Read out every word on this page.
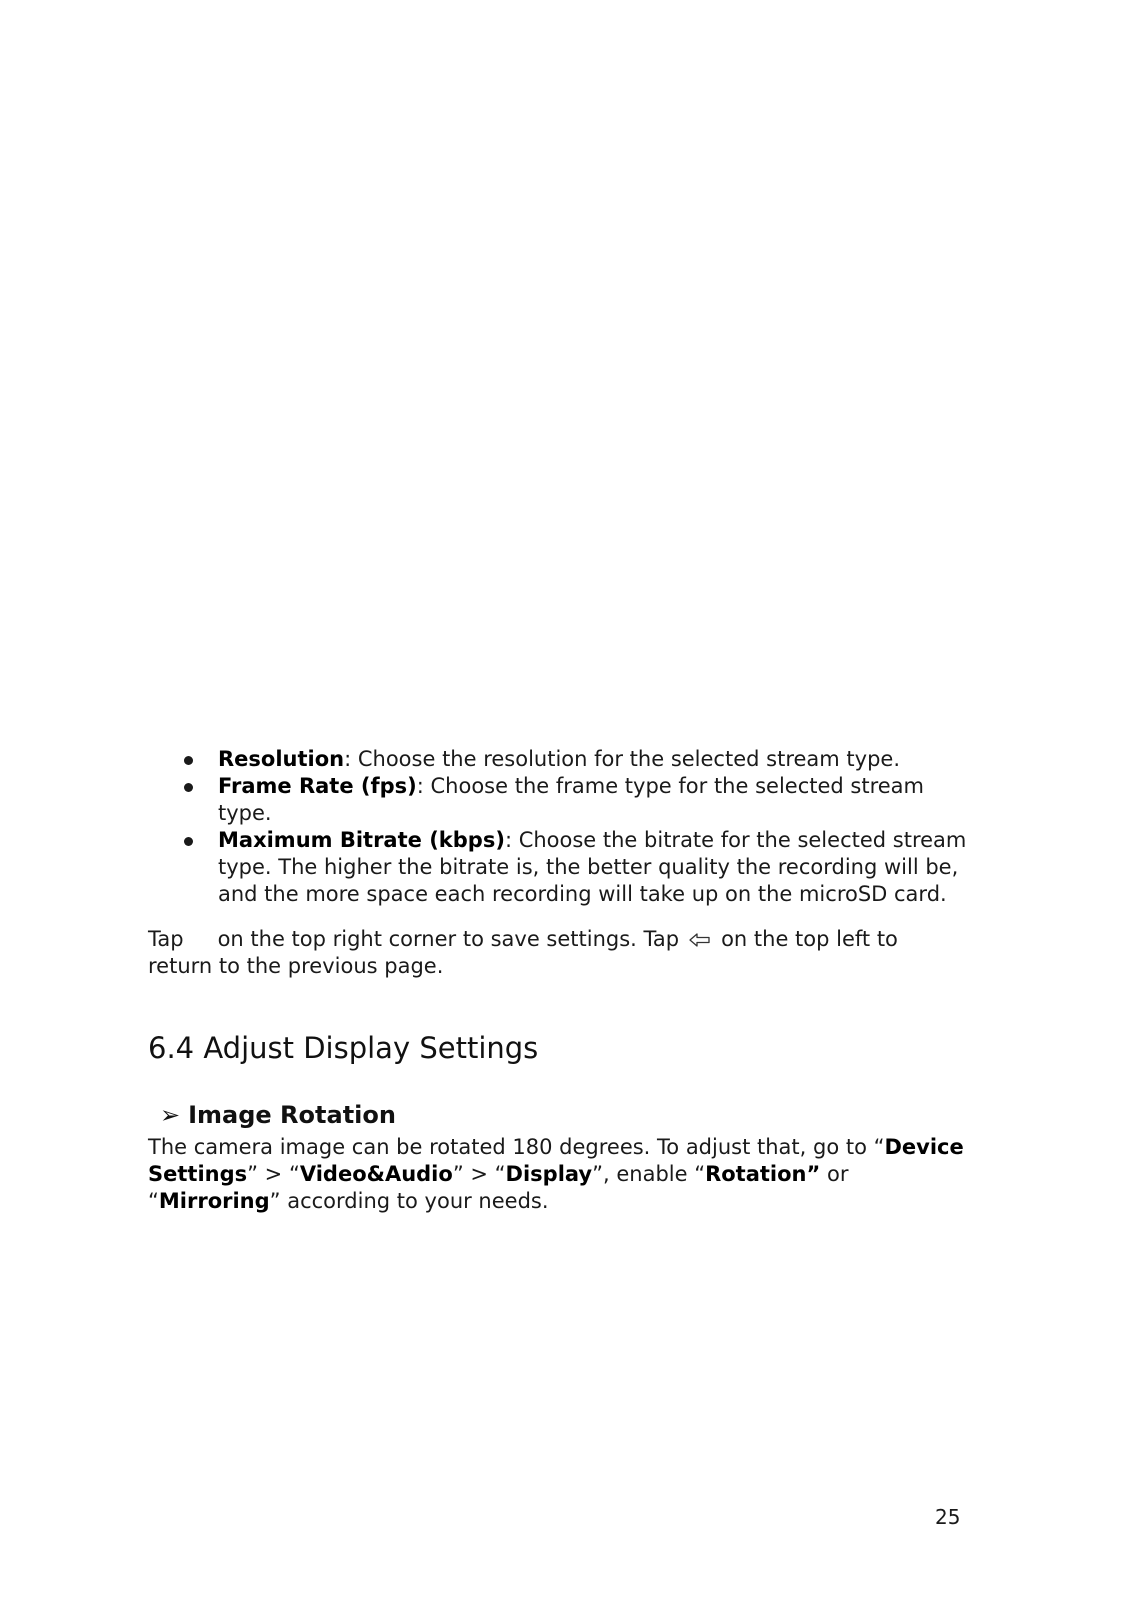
Resolution: Choose the resolution for the selected stream type.
Frame Rate (fps): Choose the frame type for the selected stream type.
Maximum Bitrate (kbps): Choose the bitrate for the selected stream type. The higher the bitrate is, the better quality the recording will be, and the more space each recording will take up on the microSD card.

Tap on the top right corner to save settings. Tap on the top left to return to the previous page.

6.4 Adjust Display Settings
➢ Image Rotation

The camera image can be rotated 180 degrees. To adjust that, go to “Device Settings” > “Video&Audio” > “Display”, enable “Rotation” or “Mirroring” according to your needs.

25
